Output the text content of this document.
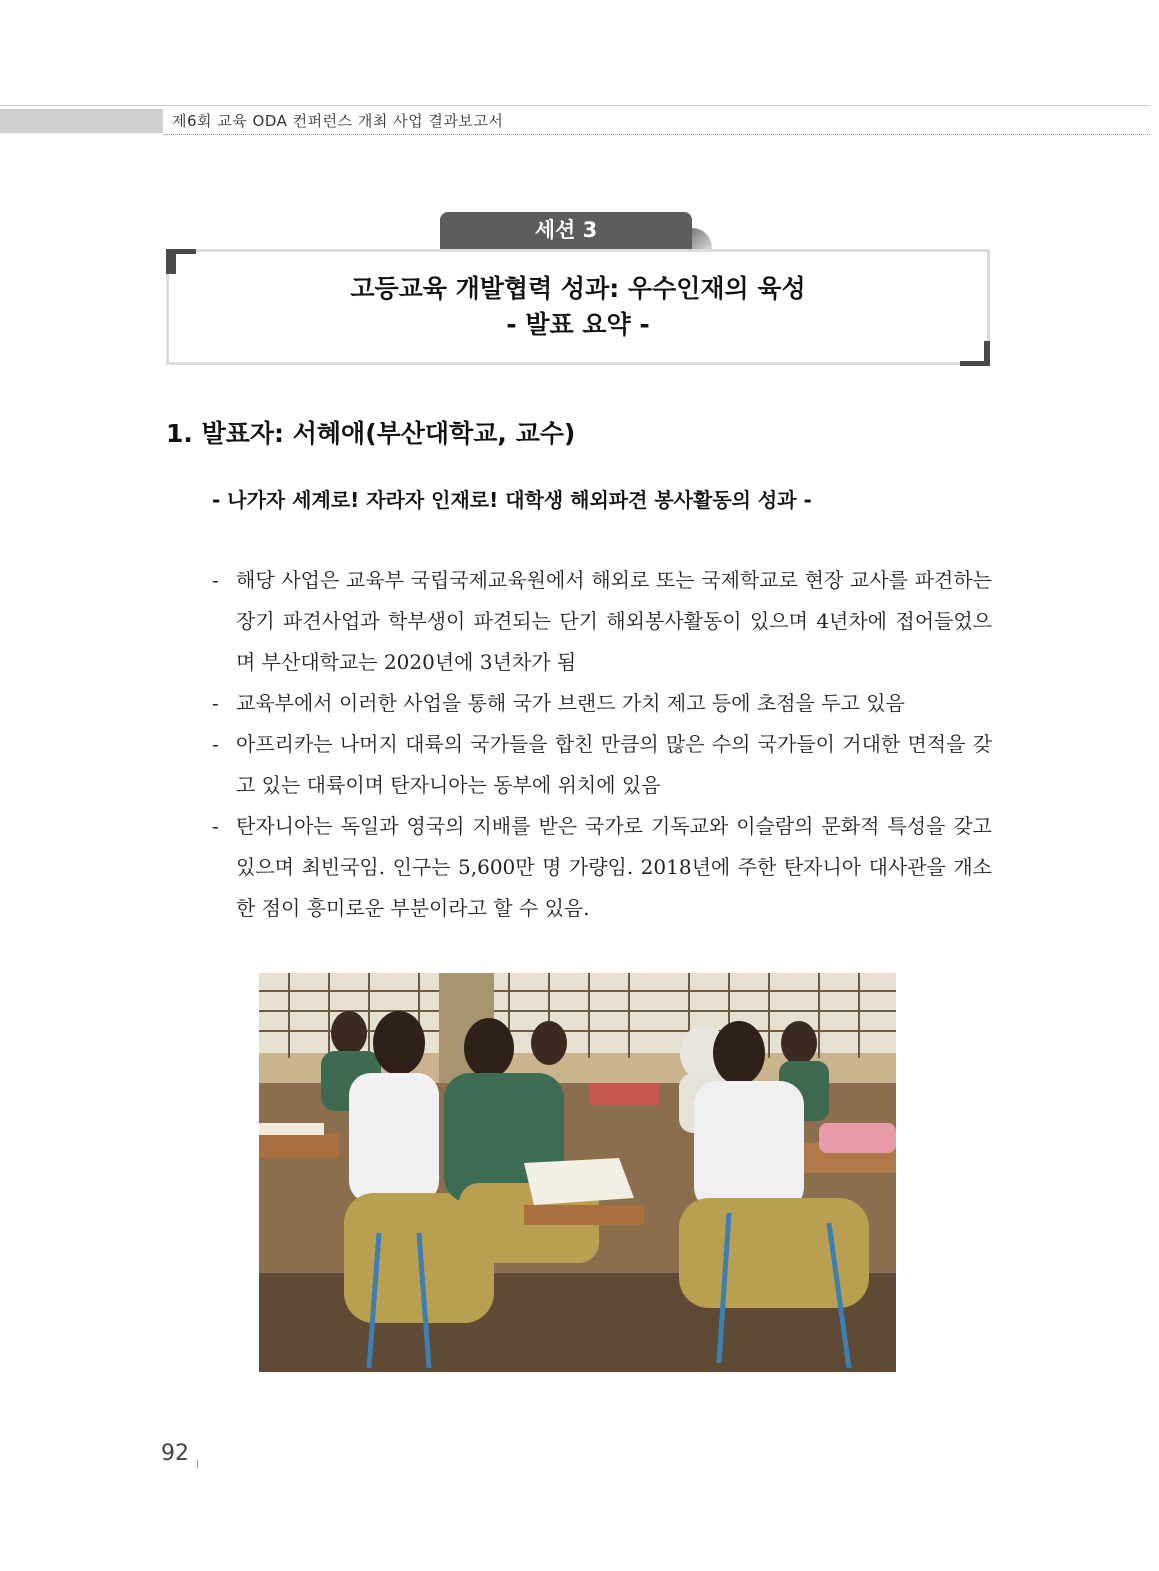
제6회 교육 ODA 컨퍼런스 개최 사업 결과보고서
세션 3
고등교육 개발협력 성과: 우수인재의 육성
- 발표 요약 -
1. 발표자: 서혜애(부산대학교, 교수)
- 나가자 세계로! 자라자 인재로! 대학생 해외파견 봉사활동의 성과 -
- 해당 사업은 교육부 국립국제교육원에서 해외로 또는 국제학교로 현장 교사를 파견하는 장기 파견사업과 학부생이 파견되는 단기 해외봉사활동이 있으며 4년차에 접어들었으며 부산대학교는 2020년에 3년차가 됨
- 교육부에서 이러한 사업을 통해 국가 브랜드 가치 제고 등에 초점을 두고 있음
- 아프리카는 나머지 대륙의 국가들을 합친 만큼의 많은 수의 국가들이 거대한 면적을 갖고 있는 대륙이며 탄자니아는 동부에 위치에 있음
- 탄자니아는 독일과 영국의 지배를 받은 국가로 기독교와 이슬람의 문화적 특성을 갖고 있으며 최빈국임. 인구는 5,600만 명 가량임. 2018년에 주한 탄자니아 대사관을 개소한 점이 흥미로운 부분이라고 할 수 있음.
92
